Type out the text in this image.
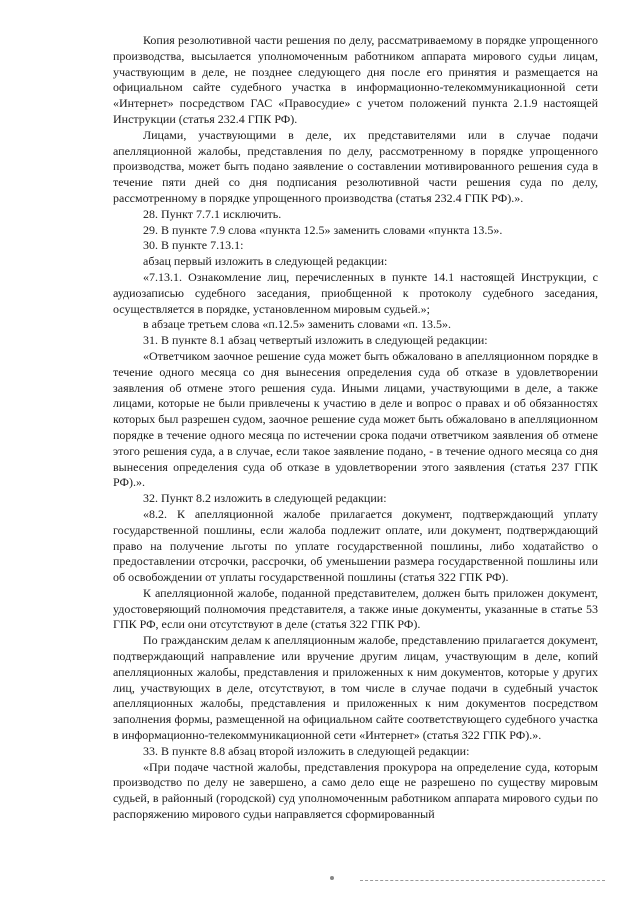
Копия резолютивной части решения по делу, рассматриваемому в порядке упрощенного производства, высылается уполномоченным работником аппарата мирового судьи лицам, участвующим в деле, не позднее следующего дня после его принятия и размещается на официальном сайте судебного участка в информационно-телекоммуникационной сети «Интернет» посредством ГАС «Правосудие» с учетом положений пункта 2.1.9 настоящей Инструкции (статья 232.4 ГПК РФ).

Лицами, участвующими в деле, их представителями или в случае подачи апелляционной жалобы, представления по делу, рассмотренному в порядке упрощенного производства, может быть подано заявление о составлении мотивированного решения суда в течение пяти дней со дня подписания резолютивной части решения суда по делу, рассмотренному в порядке упрощенного производства (статья 232.4 ГПК РФ).».

28. Пункт 7.7.1 исключить.

29. В пункте 7.9 слова «пункта 12.5» заменить словами «пункта 13.5».

30. В пункте 7.13.1:

абзац первый изложить в следующей редакции:

«7.13.1. Ознакомление лиц, перечисленных в пункте 14.1 настоящей Инструкции, с аудиозаписью судебного заседания, приобщенной к протоколу судебного заседания, осуществляется в порядке, установленном мировым судьей.»;

в абзаце третьем слова «п.12.5» заменить словами «п. 13.5».

31. В пункте 8.1 абзац четвертый изложить в следующей редакции:

«Ответчиком заочное решение суда может быть обжаловано в апелляционном порядке в течение одного месяца со дня вынесения определения суда об отказе в удовлетворении заявления об отмене этого решения суда. Иными лицами, участвующими в деле, а также лицами, которые не были привлечены к участию в деле и вопрос о правах и об обязанностях которых был разрешен судом, заочное решение суда может быть обжаловано в апелляционном порядке в течение одного месяца по истечении срока подачи ответчиком заявления об отмене этого решения суда, а в случае, если такое заявление подано, - в течение одного месяца со дня вынесения определения суда об отказе в удовлетворении этого заявления (статья 237 ГПК РФ).».

32. Пункт 8.2 изложить в следующей редакции:

«8.2. К апелляционной жалобе прилагается документ, подтверждающий уплату государственной пошлины, если жалоба подлежит оплате, или документ, подтверждающий право на получение льготы по уплате государственной пошлины, либо ходатайство о предоставлении отсрочки, рассрочки, об уменьшении размера государственной пошлины или об освобождении от уплаты государственной пошлины (статья 322 ГПК РФ).

К апелляционной жалобе, поданной представителем, должен быть приложен документ, удостоверяющий полномочия представителя, а также иные документы, указанные в статье 53 ГПК РФ, если они отсутствуют в деле (статья 322 ГПК РФ).

По гражданским делам к апелляционным жалобе, представлению прилагается документ, подтверждающий направление или вручение другим лицам, участвующим в деле, копий апелляционных жалобы, представления и приложенных к ним документов, которые у других лиц, участвующих в деле, отсутствуют, в том числе в случае подачи в судебный участок апелляционных жалобы, представления и приложенных к ним документов посредством заполнения формы, размещенной на официальном сайте соответствующего судебного участка в информационно-телекоммуникационной сети «Интернет» (статья 322 ГПК РФ).».

33. В пункте 8.8 абзац второй изложить в следующей редакции:

«При подаче частной жалобы, представления прокурора на определение суда, которым производство по делу не завершено, а само дело еще не разрешено по существу мировым судьей, в районный (городской) суд уполномоченным работником аппарата мирового судьи по распоряжению мирового судьи направляется сформированный
